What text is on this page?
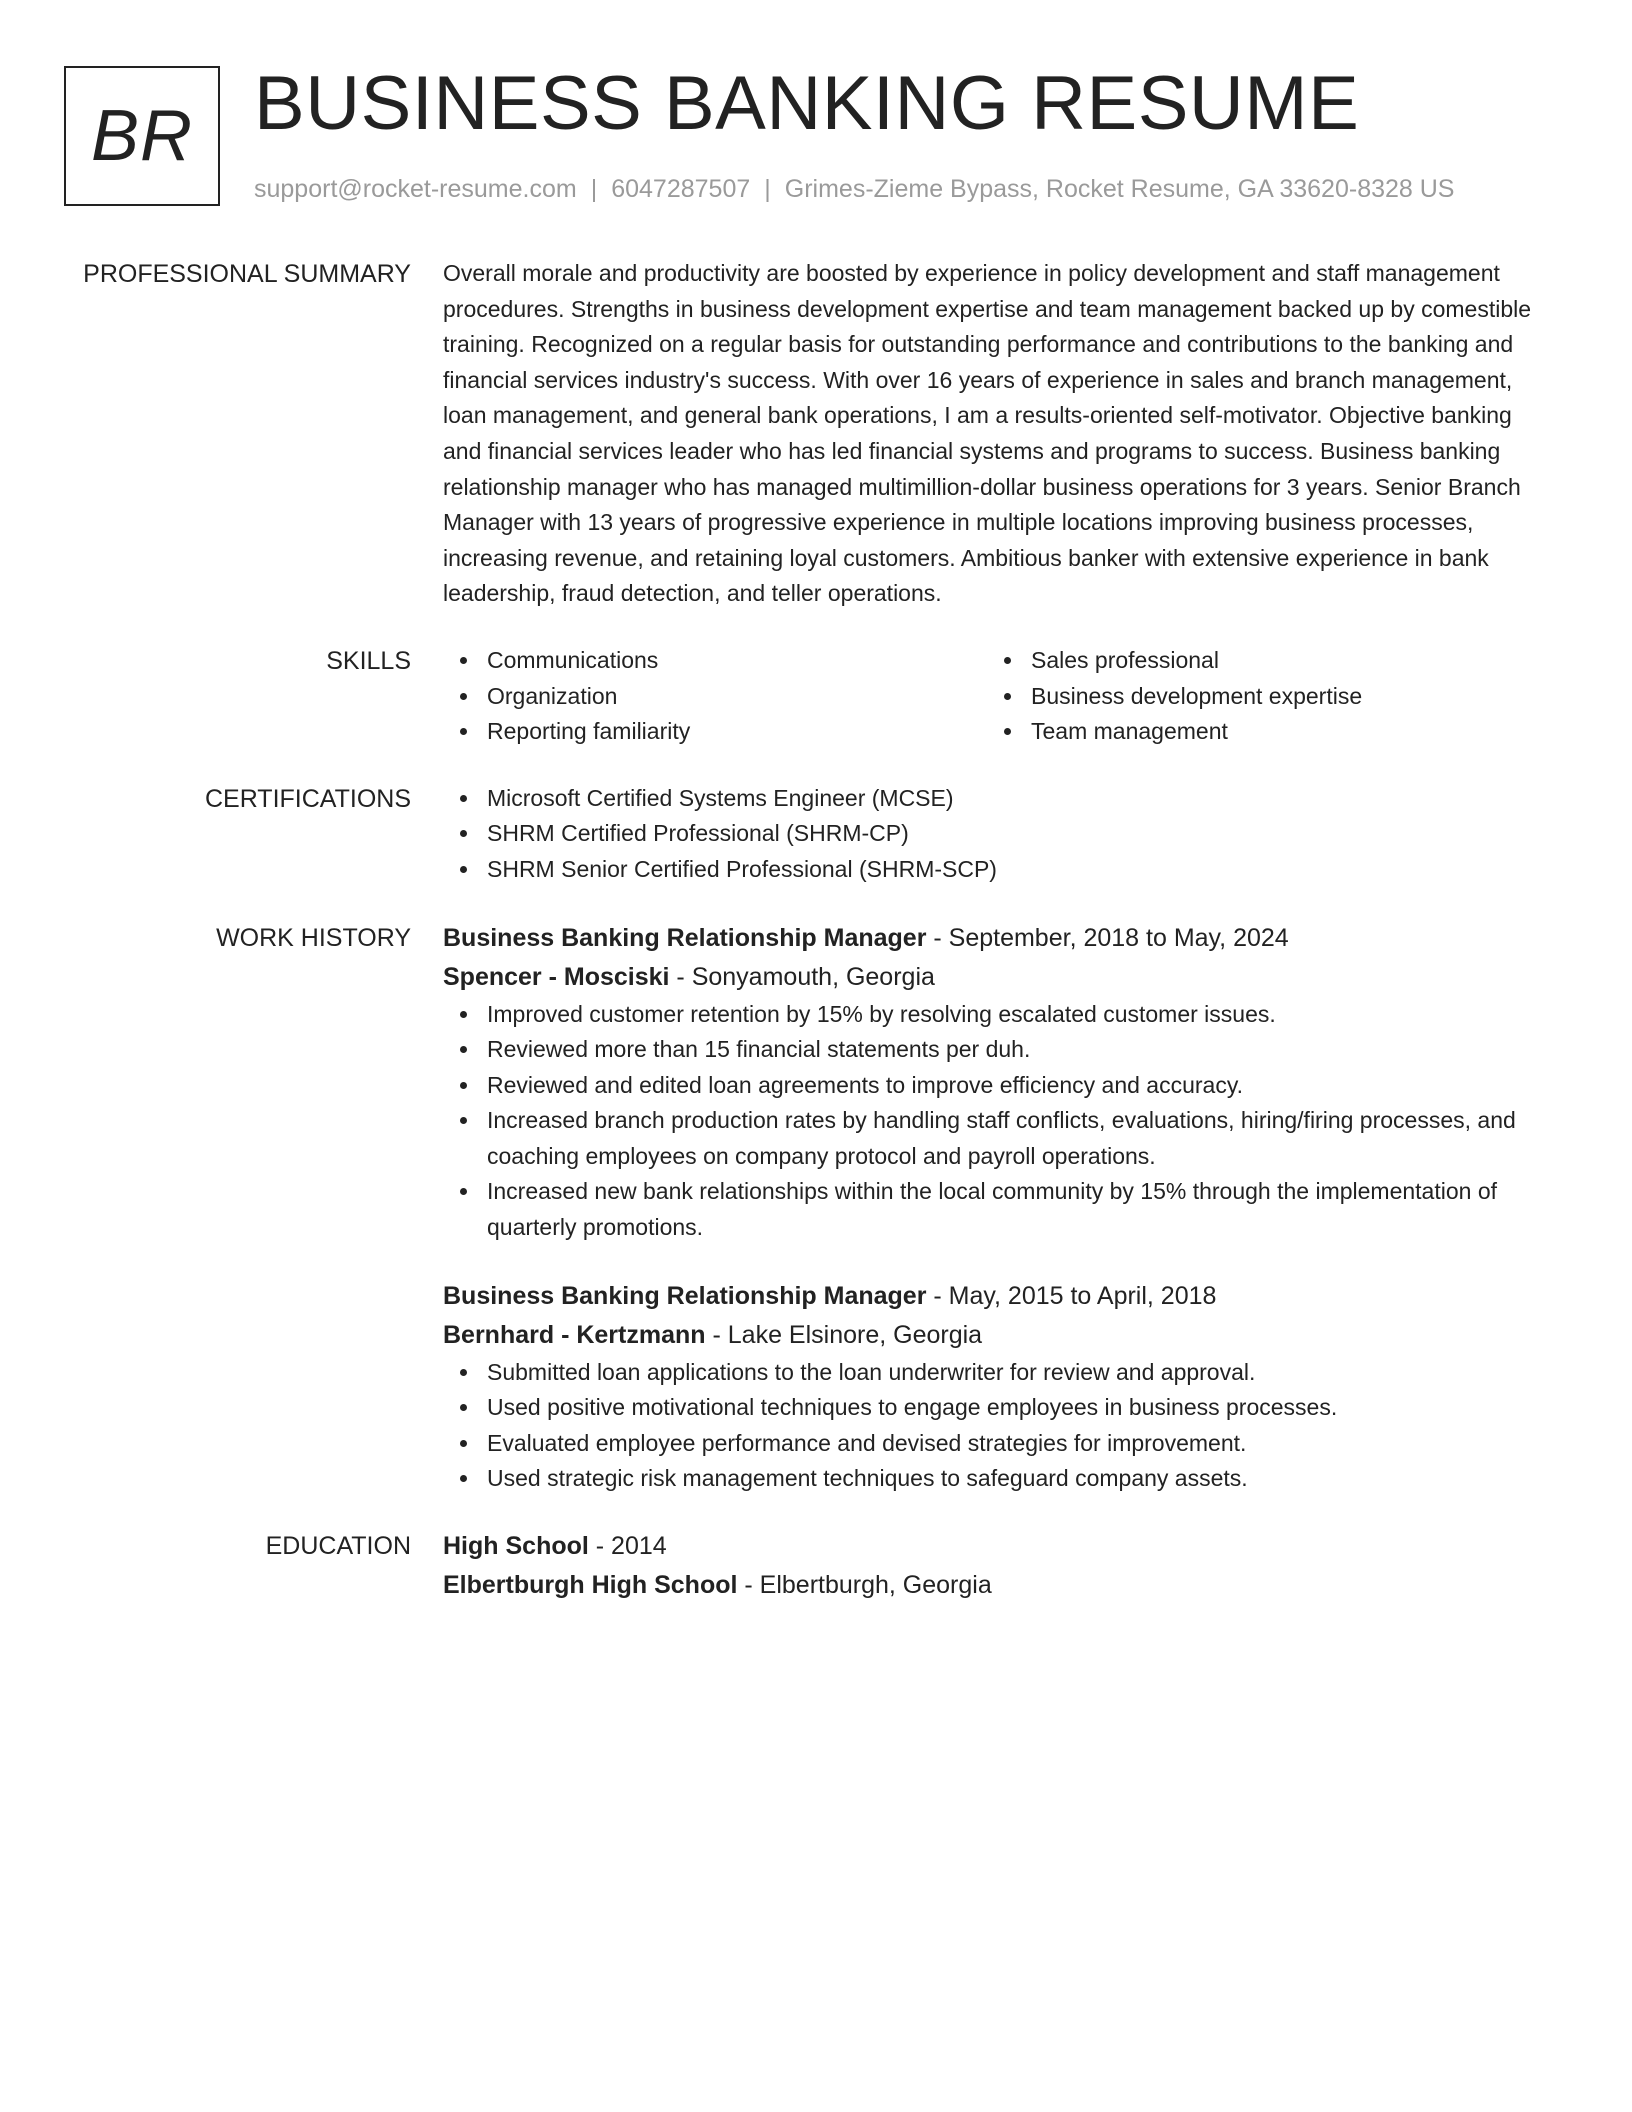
BR BUSINESS BANKING RESUME
support@rocket-resume.com | 6047287507 | Grimes-Zieme Bypass, Rocket Resume, GA 33620-8328 US
PROFESSIONAL SUMMARY Overall morale and productivity are boosted by experience in policy development and staff management procedures. Strengths in business development expertise and team management backed up by comestible training. Recognized on a regular basis for outstanding performance and contributions to the banking and financial services industry's success. With over 16 years of experience in sales and branch management, loan management, and general bank operations, I am a results-oriented self-motivator. Objective banking and financial services leader who has led financial systems and programs to success. Business banking relationship manager who has managed multimillion-dollar business operations for 3 years. Senior Branch Manager with 13 years of progressive experience in multiple locations improving business processes, increasing revenue, and retaining loyal customers. Ambitious banker with extensive experience in bank leadership, fraud detection, and teller operations.

SKILLS	Communications
Organization
Reporting familiarity
Sales professional
Business development expertise
Team management
CERTIFICATIONS	Microsoft Certified Systems Engineer (MCSE)
SHRM Certified Professional (SHRM-CP)
SHRM Senior Certified Professional (SHRM-SCP)
WORK HISTORY Business Banking Relationship Manager - September, 2018 to May, 2024
Spencer - Mosciski - Sonyamouth, Georgia
Improved customer retention by 15% by resolving escalated customer issues.
Reviewed more than 15 financial statements per duh.
Reviewed and edited loan agreements to improve efficiency and accuracy.
Increased branch production rates by handling staff conflicts, evaluations, hiring/firing processes, and coaching employees on company protocol and payroll operations.
Increased new bank relationships within the local community by 15% through the implementation of quarterly promotions.
Business Banking Relationship Manager - May, 2015 to April, 2018
Bernhard - Kertzmann - Lake Elsinore, Georgia
Submitted loan applications to the loan underwriter for review and approval.
Used positive motivational techniques to engage employees in business processes.
Evaluated employee performance and devised strategies for improvement.
Used strategic risk management techniques to safeguard company assets.
EDUCATION High School - 2014
Elbertburgh High School - Elbertburgh, Georgia
